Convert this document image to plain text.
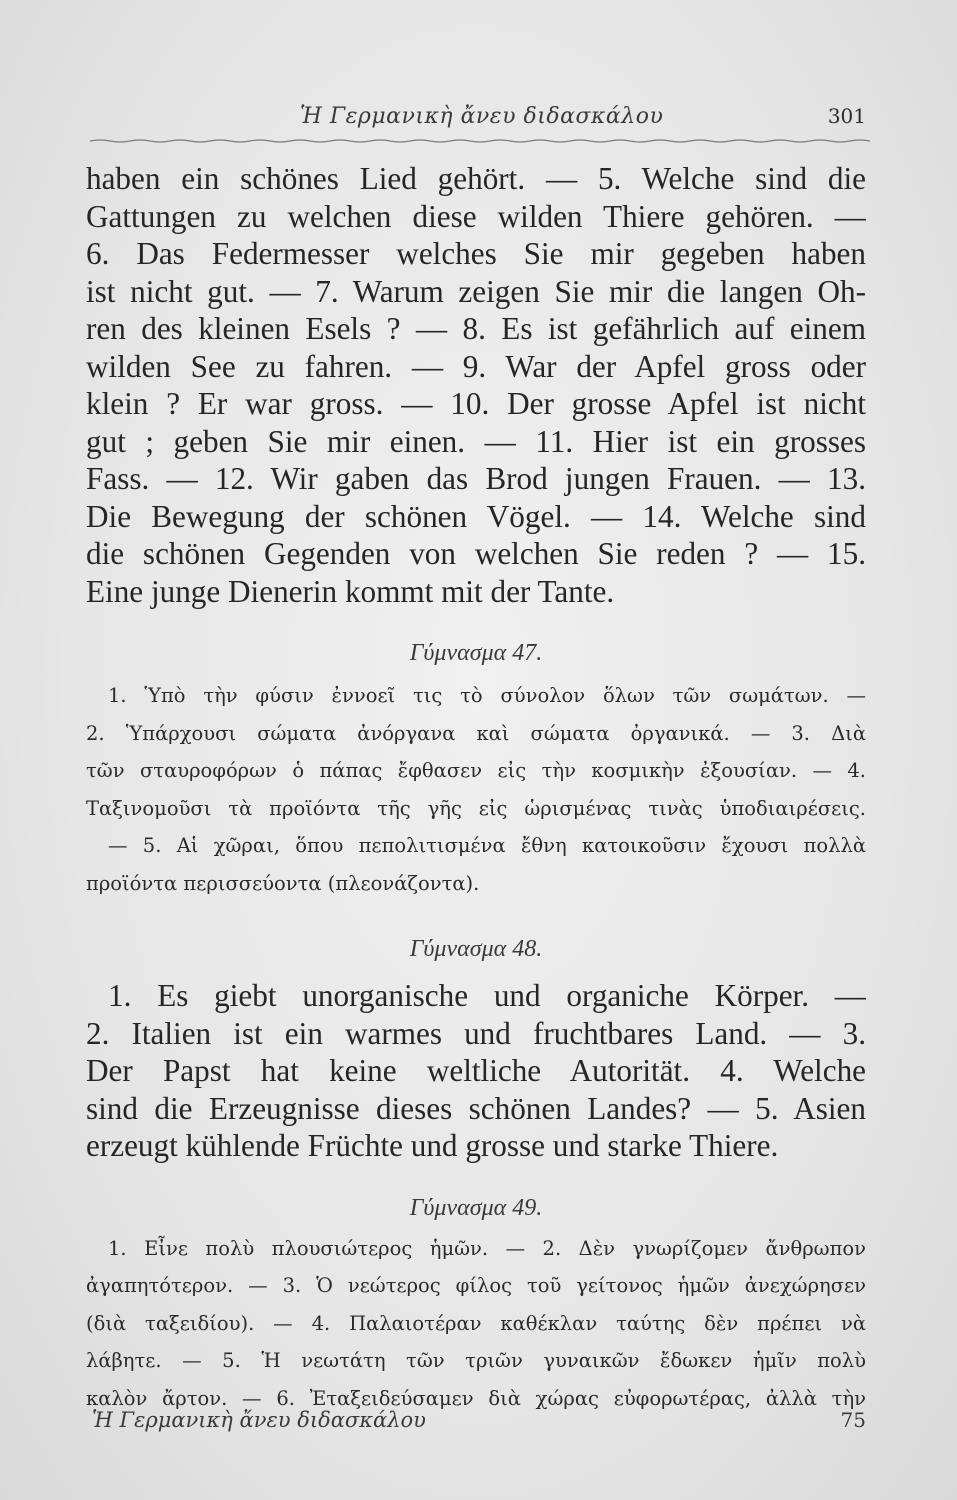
Ἡ Γερμανικὴ ἄνευ διδασκάλου	301
haben ein schönes Lied gehört. — 5. Welche sind die
Gattungen zu welchen diese wilden Thiere gehören. —
6. Das Federmesser welches Sie mir gegeben haben
ist nicht gut. — 7. Warum zeigen Sie mir die langen Oh-
ren des kleinen Esels ? — 8. Es ist gefährlich auf einem
wilden See zu fahren. — 9. War der Apfel gross oder
klein ? Er war gross. — 10. Der grosse Apfel ist nicht
gut ; geben Sie mir einen. — 11. Hier ist ein grosses
Fass. — 12. Wir gaben das Brod jungen Frauen. — 13.
Die Bewegung der schönen Vögel. — 14. Welche sind
die schönen Gegenden von welchen Sie reden ? — 15.
Eine junge Dienerin kommt mit der Tante.

Γύμνασμα 47.

1. Ὑπὸ τὴν φύσιν ἐννοεῖ τις τὸ σύνολον ὅλων τῶν σωμάτων. —
2. Ὑπάρχουσι σώματα ἀνόργανα καὶ σώματα ὀργανικά. — 3. Διὰ
τῶν σταυροφόρων ὁ πάπας ἔφθασεν εἰς τὴν κοσμικὴν ἐξουσίαν. — 4.
Ταξινομοῦσι τὰ προϊόντα τῆς γῆς εἰς ὡρισμένας τινὰς ὑποδιαιρέσεις.
— 5. Αἱ χῶραι, ὅπου πεπολιτισμένα ἔθνη κατοικοῦσιν ἔχουσι πολλὰ
προϊόντα περισσεύοντα (πλεονάζοντα).

Γύμνασμα 48.

1. Es giebt unorganische und organiche Körper. —
2. Italien ist ein warmes und fruchtbares Land. — 3.
Der Papst hat keine weltliche Autorität. 4. Welche
sind die Erzeugnisse dieses schönen Landes? — 5. Asien
erzeugt kühlende Früchte und grosse und starke Thiere.

Γύμνασμα 49.

1. Εἶνε πολὺ πλουσιώτερος ἡμῶν. — 2. Δὲν γνωρίζομεν ἄνθρωπον
ἀγαπητότερον. — 3. Ὁ νεώτερος φίλος τοῦ γείτονος ἡμῶν ἀνεχώρησεν
(διὰ ταξειδίου). — 4. Παλαιοτέραν καθέκλαν ταύτης δὲν πρέπει νὰ
λάβητε. — 5. Ἡ νεωτάτη τῶν τριῶν γυναικῶν ἔδωκεν ἡμῖν πολὺ
καλὸν ἄρτον. — 6. Ἐταξειδεύσαμεν διὰ χώρας εὐφορωτέρας, ἀλλὰ τὴν
Ἡ Γερμανικὴ ἄνευ διδασκάλου	75
